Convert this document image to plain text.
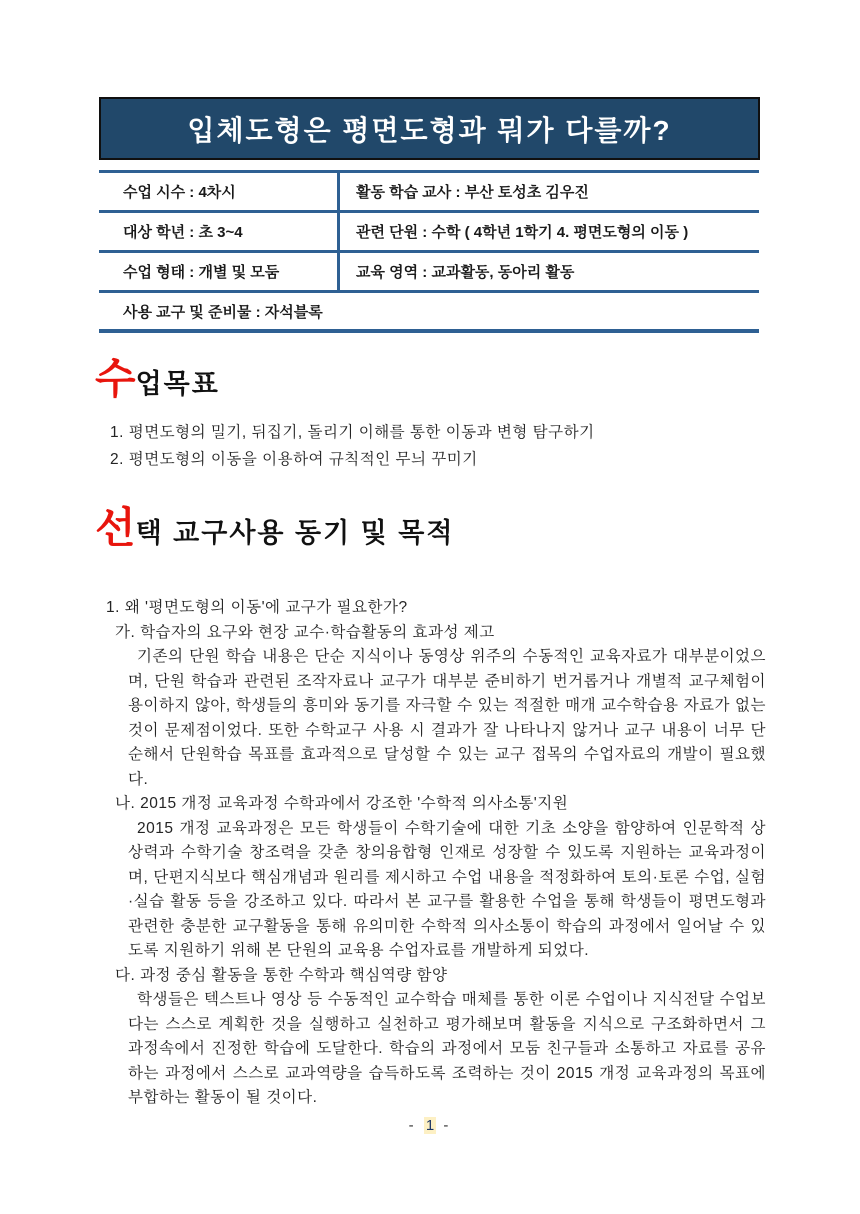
입체도형은 평면도형과 뭐가 다를까?
수업 시수 : 4차시	활동 학습 교사 : 부산 토성초 김우진
대상 학년 : 초 3~4	관련 단원 : 수학 ( 4학년 1학기 4. 평면도형의 이동 )
수업 형태 : 개별 및 모둠	교육 영역 : 교과활동, 동아리 활동
사용 교구 및 준비물 : 자석블록
수업목표
1. 평면도형의 밀기, 뒤집기, 돌리기 이해를 통한 이동과 변형 탐구하기
2. 평면도형의 이동을 이용하여 규칙적인 무늬 꾸미기
선택 교구사용 동기 및 목적
1. 왜 '평면도형의 이동'에 교구가 필요한가?
가. 학습자의 요구와 현장 교수·학습활동의 효과성 제고
기존의 단원 학습 내용은 단순 지식이나 동영상 위주의 수동적인 교육자료가 대부분이었으며, 단원 학습과 관련된 조작자료나 교구가 대부분 준비하기 번거롭거나 개별적 교구체험이 용이하지 않아, 학생들의 흥미와 동기를 자극할 수 있는 적절한 매개 교수학습용 자료가 없는 것이 문제점이었다. 또한 수학교구 사용 시 결과가 잘 나타나지 않거나 교구 내용이 너무 단순해서 단원학습 목표를 효과적으로 달성할 수 있는 교구 접목의 수업자료의 개발이 필요했다.
나. 2015 개정 교육과정 수학과에서 강조한 '수학적 의사소통'지원
2015 개정 교육과정은 모든 학생들이 수학기술에 대한 기초 소양을 함양하여 인문학적 상상력과 수학기술 창조력을 갖춘 창의융합형 인재로 성장할 수 있도록 지원하는 교육과정이며, 단편지식보다 핵심개념과 원리를 제시하고 수업 내용을 적정화하여 토의·토론 수업, 실험·실습 활동 등을 강조하고 있다. 따라서 본 교구를 활용한 수업을 통해 학생들이 평면도형과 관련한 충분한 교구활동을 통해 유의미한 수학적 의사소통이 학습의 과정에서 일어날 수 있도록 지원하기 위해 본 단원의 교육용 수업자료를 개발하게 되었다.
다. 과정 중심 활동을 통한 수학과 핵심역량 함양
학생들은 텍스트나 영상 등 수동적인 교수학습 매체를 통한 이론 수업이나 지식전달 수업보다는 스스로 계획한 것을 실행하고 실천하고 평가해보며 활동을 지식으로 구조화하면서 그 과정속에서 진정한 학습에 도달한다. 학습의 과정에서 모둠 친구들과 소통하고 자료를 공유하는 과정에서 스스로 교과역량을 습득하도록 조력하는 것이 2015 개정 교육과정의 목표에 부합하는 활동이 될 것이다.
- 1 -
